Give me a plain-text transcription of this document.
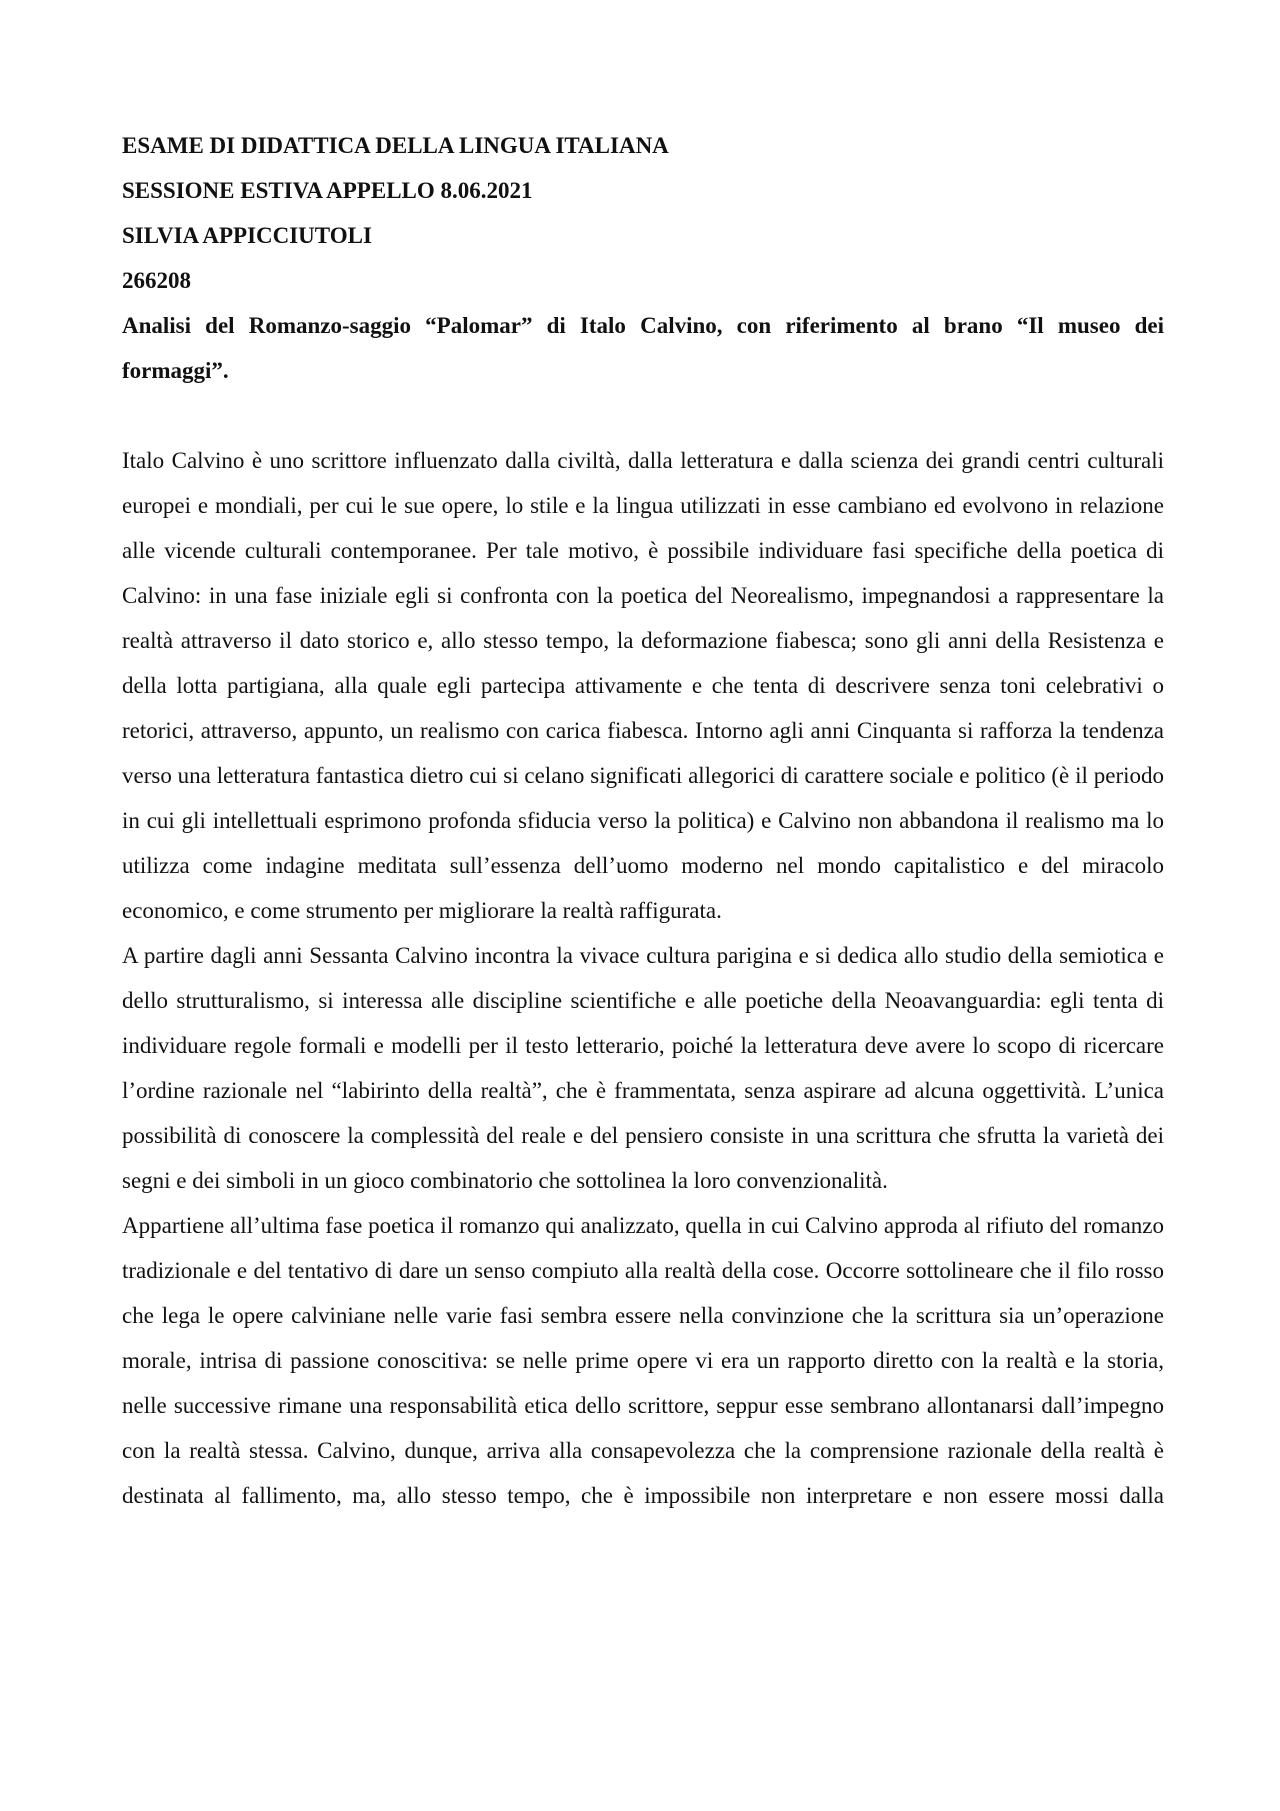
ESAME DI DIDATTICA DELLA LINGUA ITALIANA
SESSIONE ESTIVA APPELLO 8.06.2021
SILVIA APPICCIUTOLI
266208
Analisi del Romanzo-saggio “Palomar” di Italo Calvino, con riferimento al brano “Il museo dei formaggi”.

Italo Calvino è uno scrittore influenzato dalla civiltà, dalla letteratura e dalla scienza dei grandi centri culturali europei e mondiali, per cui le sue opere, lo stile e la lingua utilizzati in esse cambiano ed evolvono in relazione alle vicende culturali contemporanee. Per tale motivo, è possibile individuare fasi specifiche della poetica di Calvino: in una fase iniziale egli si confronta con la poetica del Neorealismo, impegnandosi a rappresentare la realtà attraverso il dato storico e, allo stesso tempo, la deformazione fiabesca; sono gli anni della Resistenza e della lotta partigiana, alla quale egli partecipa attivamente e che tenta di descrivere senza toni celebrativi o retorici, attraverso, appunto, un realismo con carica fiabesca. Intorno agli anni Cinquanta si rafforza la tendenza verso una letteratura fantastica dietro cui si celano significati allegorici di carattere sociale e politico (è il periodo in cui gli intellettuali esprimono profonda sfiducia verso la politica) e Calvino non abbandona il realismo ma lo utilizza come indagine meditata sull’essenza dell’uomo moderno nel mondo capitalistico e del miracolo economico, e come strumento per migliorare la realtà raffigurata.

A partire dagli anni Sessanta Calvino incontra la vivace cultura parigina e si dedica allo studio della semiotica e dello strutturalismo, si interessa alle discipline scientifiche e alle poetiche della Neoavanguardia: egli tenta di individuare regole formali e modelli per il testo letterario, poiché la letteratura deve avere lo scopo di ricercare l’ordine razionale nel “labirinto della realtà”, che è frammentata, senza aspirare ad alcuna oggettività. L’unica possibilità di conoscere la complessità del reale e del pensiero consiste in una scrittura che sfrutta la varietà dei segni e dei simboli in un gioco combinatorio che sottolinea la loro convenzionalità.

Appartiene all’ultima fase poetica il romanzo qui analizzato, quella in cui Calvino approda al rifiuto del romanzo tradizionale e del tentativo di dare un senso compiuto alla realtà della cose. Occorre sottolineare che il filo rosso che lega le opere calviniane nelle varie fasi sembra essere nella convinzione che la scrittura sia un’operazione morale, intrisa di passione conoscitiva: se nelle prime opere vi era un rapporto diretto con la realtà e la storia, nelle successive rimane una responsabilità etica dello scrittore, seppur esse sembrano allontanarsi dall’impegno con la realtà stessa. Calvino, dunque, arriva alla consapevolezza che la comprensione razionale della realtà è destinata al fallimento, ma, allo stesso tempo, che è impossibile non interpretare e non essere mossi dalla
